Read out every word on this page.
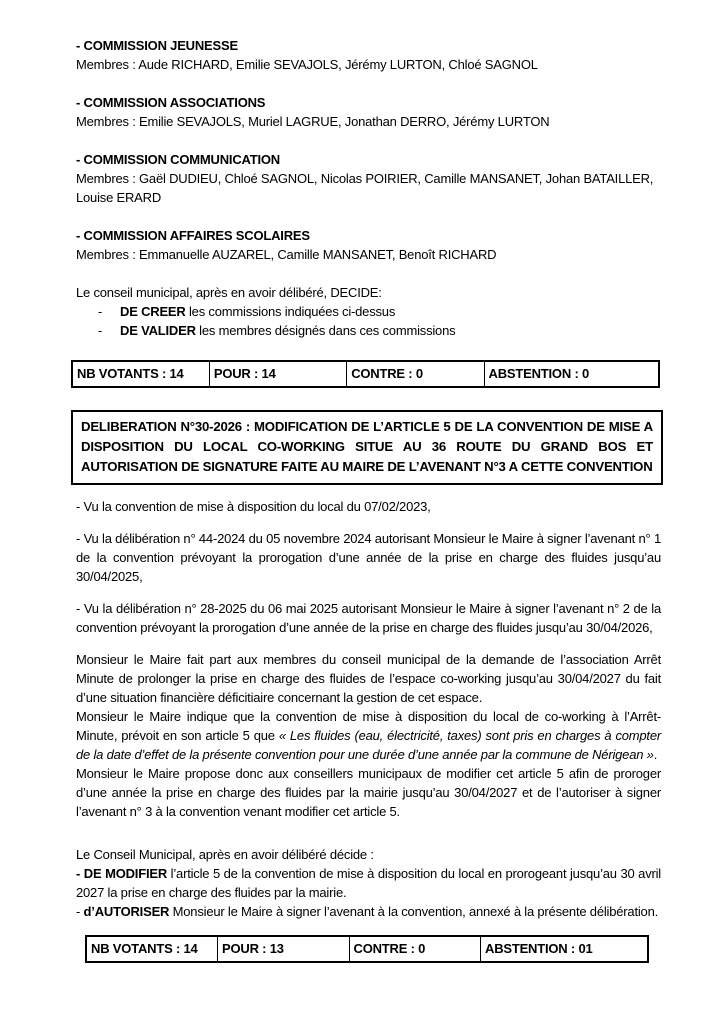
- COMMISSION JEUNESSE
Membres : Aude RICHARD, Emilie SEVAJOLS, Jérémy LURTON, Chloé SAGNOL
- COMMISSION ASSOCIATIONS
Membres : Emilie SEVAJOLS, Muriel LAGRUE, Jonathan DERRO, Jérémy LURTON
- COMMISSION COMMUNICATION
Membres : Gaël DUDIEU, Chloé SAGNOL, Nicolas POIRIER, Camille MANSANET, Johan BATAILLER, Louise ERARD
- COMMISSION AFFAIRES SCOLAIRES
Membres : Emmanuelle AUZAREL, Camille MANSANET, Benoît RICHARD
Le conseil municipal, après en avoir délibéré, DECIDE:
- DE CREER les commissions indiquées ci-dessus
- DE VALIDER les membres désignés dans ces commissions
NB VOTANTS : 14	POUR : 14	CONTRE : 0	ABSTENTION : 0
DELIBERATION N°30-2026 : MODIFICATION DE L’ARTICLE 5 DE LA CONVENTION DE MISE A DISPOSITION DU LOCAL CO-WORKING SITUE AU 36 ROUTE DU GRAND BOS ET AUTORISATION DE SIGNATURE FAITE AU MAIRE DE L’AVENANT N°3 A CETTE CONVENTION
- Vu la convention de mise à disposition du local du 07/02/2023,
- Vu la délibération n° 44-2024 du 05 novembre 2024 autorisant Monsieur le Maire à signer l’avenant n° 1 de la convention prévoyant la prorogation d’une année de la prise en charge des fluides jusqu’au 30/04/2025,
- Vu la délibération n° 28-2025 du 06 mai 2025 autorisant Monsieur le Maire à signer l’avenant n° 2 de la convention prévoyant la prorogation d’une année de la prise en charge des fluides jusqu’au 30/04/2026,
Monsieur le Maire fait part aux membres du conseil municipal de la demande de l’association Arrêt Minute de prolonger la prise en charge des fluides de l’espace co-working jusqu’au 30/04/2027 du fait d’une situation financière déficitiaire concernant la gestion de cet espace.
Monsieur le Maire indique que la convention de mise à disposition du local de co-working à l’Arrêt-Minute, prévoit en son article 5 que « Les fluides (eau, électricité, taxes) sont pris en charges à compter de la date d’effet de la présente convention pour une durée d’une année par la commune de Nérigean ».
Monsieur le Maire propose donc aux conseillers municipaux de modifier cet article 5 afin de proroger d’une année la prise en charge des fluides par la mairie jusqu’au 30/04/2027 et de l’autoriser à signer l’avenant n° 3 à la convention venant modifier cet article 5.
Le Conseil Municipal, après en avoir délibéré décide :
- DE MODIFIER l’article 5 de la convention de mise à disposition du local en prorogeant jusqu’au 30 avril 2027 la prise en charge des fluides par la mairie.
- d’AUTORISER Monsieur le Maire à signer l’avenant à la convention, annexé à la présente délibération.
NB VOTANTS : 14	POUR : 13	CONTRE : 0	ABSTENTION : 01
